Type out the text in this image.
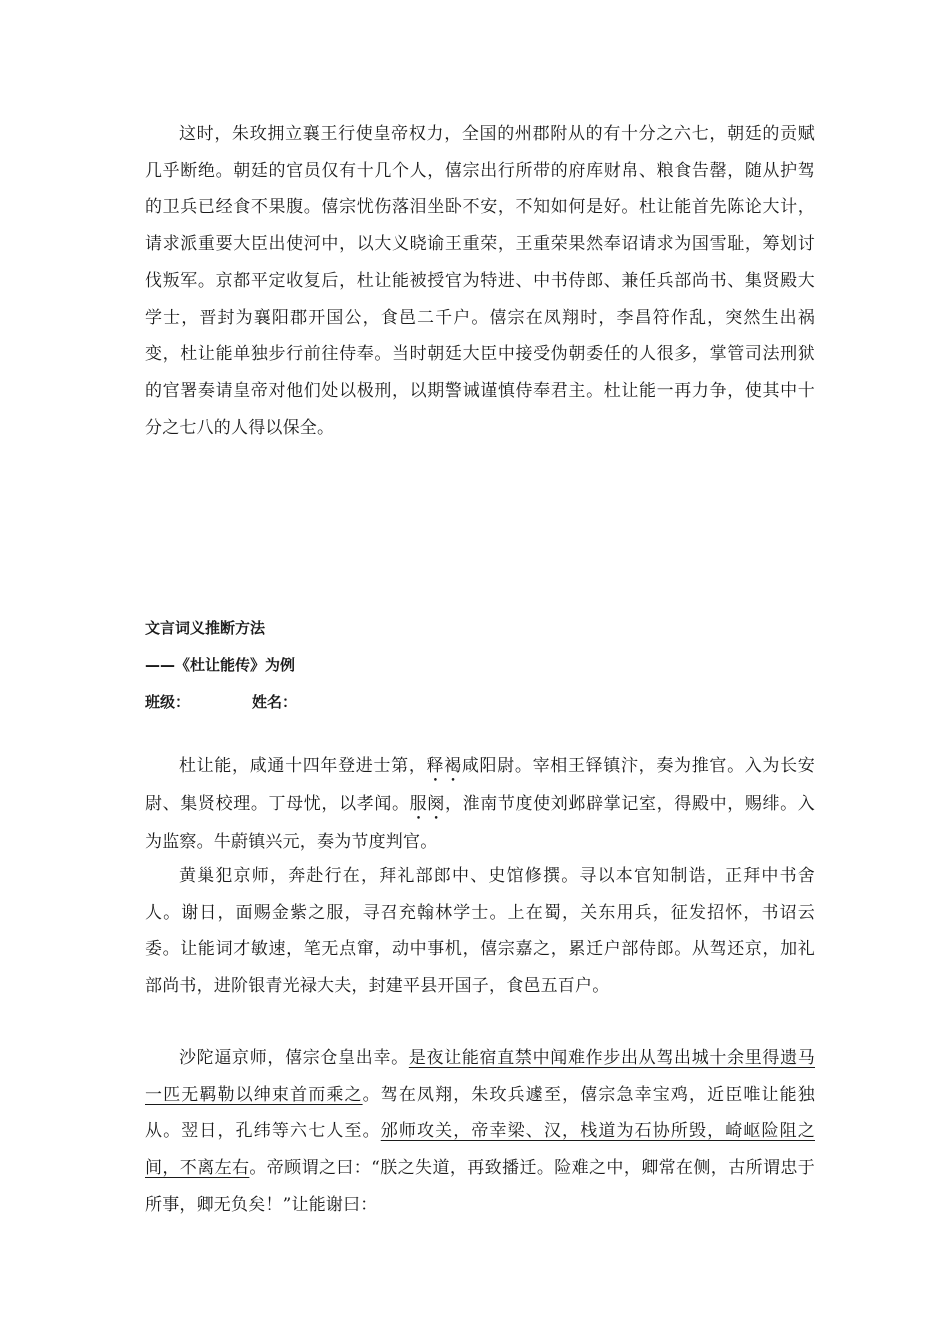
这时，朱玫拥立襄王行使皇帝权力，全国的州郡附从的有十分之六七，朝廷的贡赋几乎断绝。朝廷的官员仅有十几个人，僖宗出行所带的府库财帛、粮食告罄，随从护驾的卫兵已经食不果腹。僖宗忧伤落泪坐卧不安，不知如何是好。杜让能首先陈论大计，请求派重要大臣出使河中，以大义晓谕王重荣，王重荣果然奉诏请求为国雪耻，筹划讨伐叛军。京都平定收复后，杜让能被授官为特进、中书侍郎、兼任兵部尚书、集贤殿大学士，晋封为襄阳郡开国公，食邑二千户。僖宗在凤翔时，李昌符作乱，突然生出祸变，杜让能单独步行前往侍奉。当时朝廷大臣中接受伪朝委任的人很多，掌管司法刑狱的官署奏请皇帝对他们处以极刑，以期警诫谨慎侍奉君主。杜让能一再力争，使其中十分之七八的人得以保全。

文言词义推断方法
——《杜让能传》为例
班级：	姓名：

杜让能，咸通十四年登进士第，释褐咸阳尉。宰相王铎镇汴，奏为推官。入为长安尉、集贤校理。丁母忧，以孝闻。服阕，淮南节度使刘邺辟掌记室，得殿中，赐绯。入为监察。牛蔚镇兴元，奏为节度判官。

黄巢犯京师，奔赴行在，拜礼部郎中、史馆修撰。寻以本官知制诰，正拜中书舍人。谢日，面赐金紫之服，寻召充翰林学士。上在蜀，关东用兵，征发招怀，书诏云委。让能词才敏速，笔无点窜，动中事机，僖宗嘉之，累迁户部侍郎。从驾还京，加礼部尚书，进阶银青光禄大夫，封建平县开国子，食邑五百户。

沙陀逼京师，僖宗仓皇出幸。是夜让能宿直禁中闻难作步出从驾出城十余里得遗马一匹无羁勒以绅束首而乘之。驾在凤翔，朱玫兵遽至，僖宗急幸宝鸡，近臣唯让能独从。翌日，孔纬等六七人至。邠师攻关，帝幸梁、汉，栈道为石协所毁，崎岖险阻之间，不离左右。帝顾谓之曰：“朕之失道，再致播迁。险难之中，卿常在侧，古所谓忠于所事，卿无负矣！”让能谢曰：
